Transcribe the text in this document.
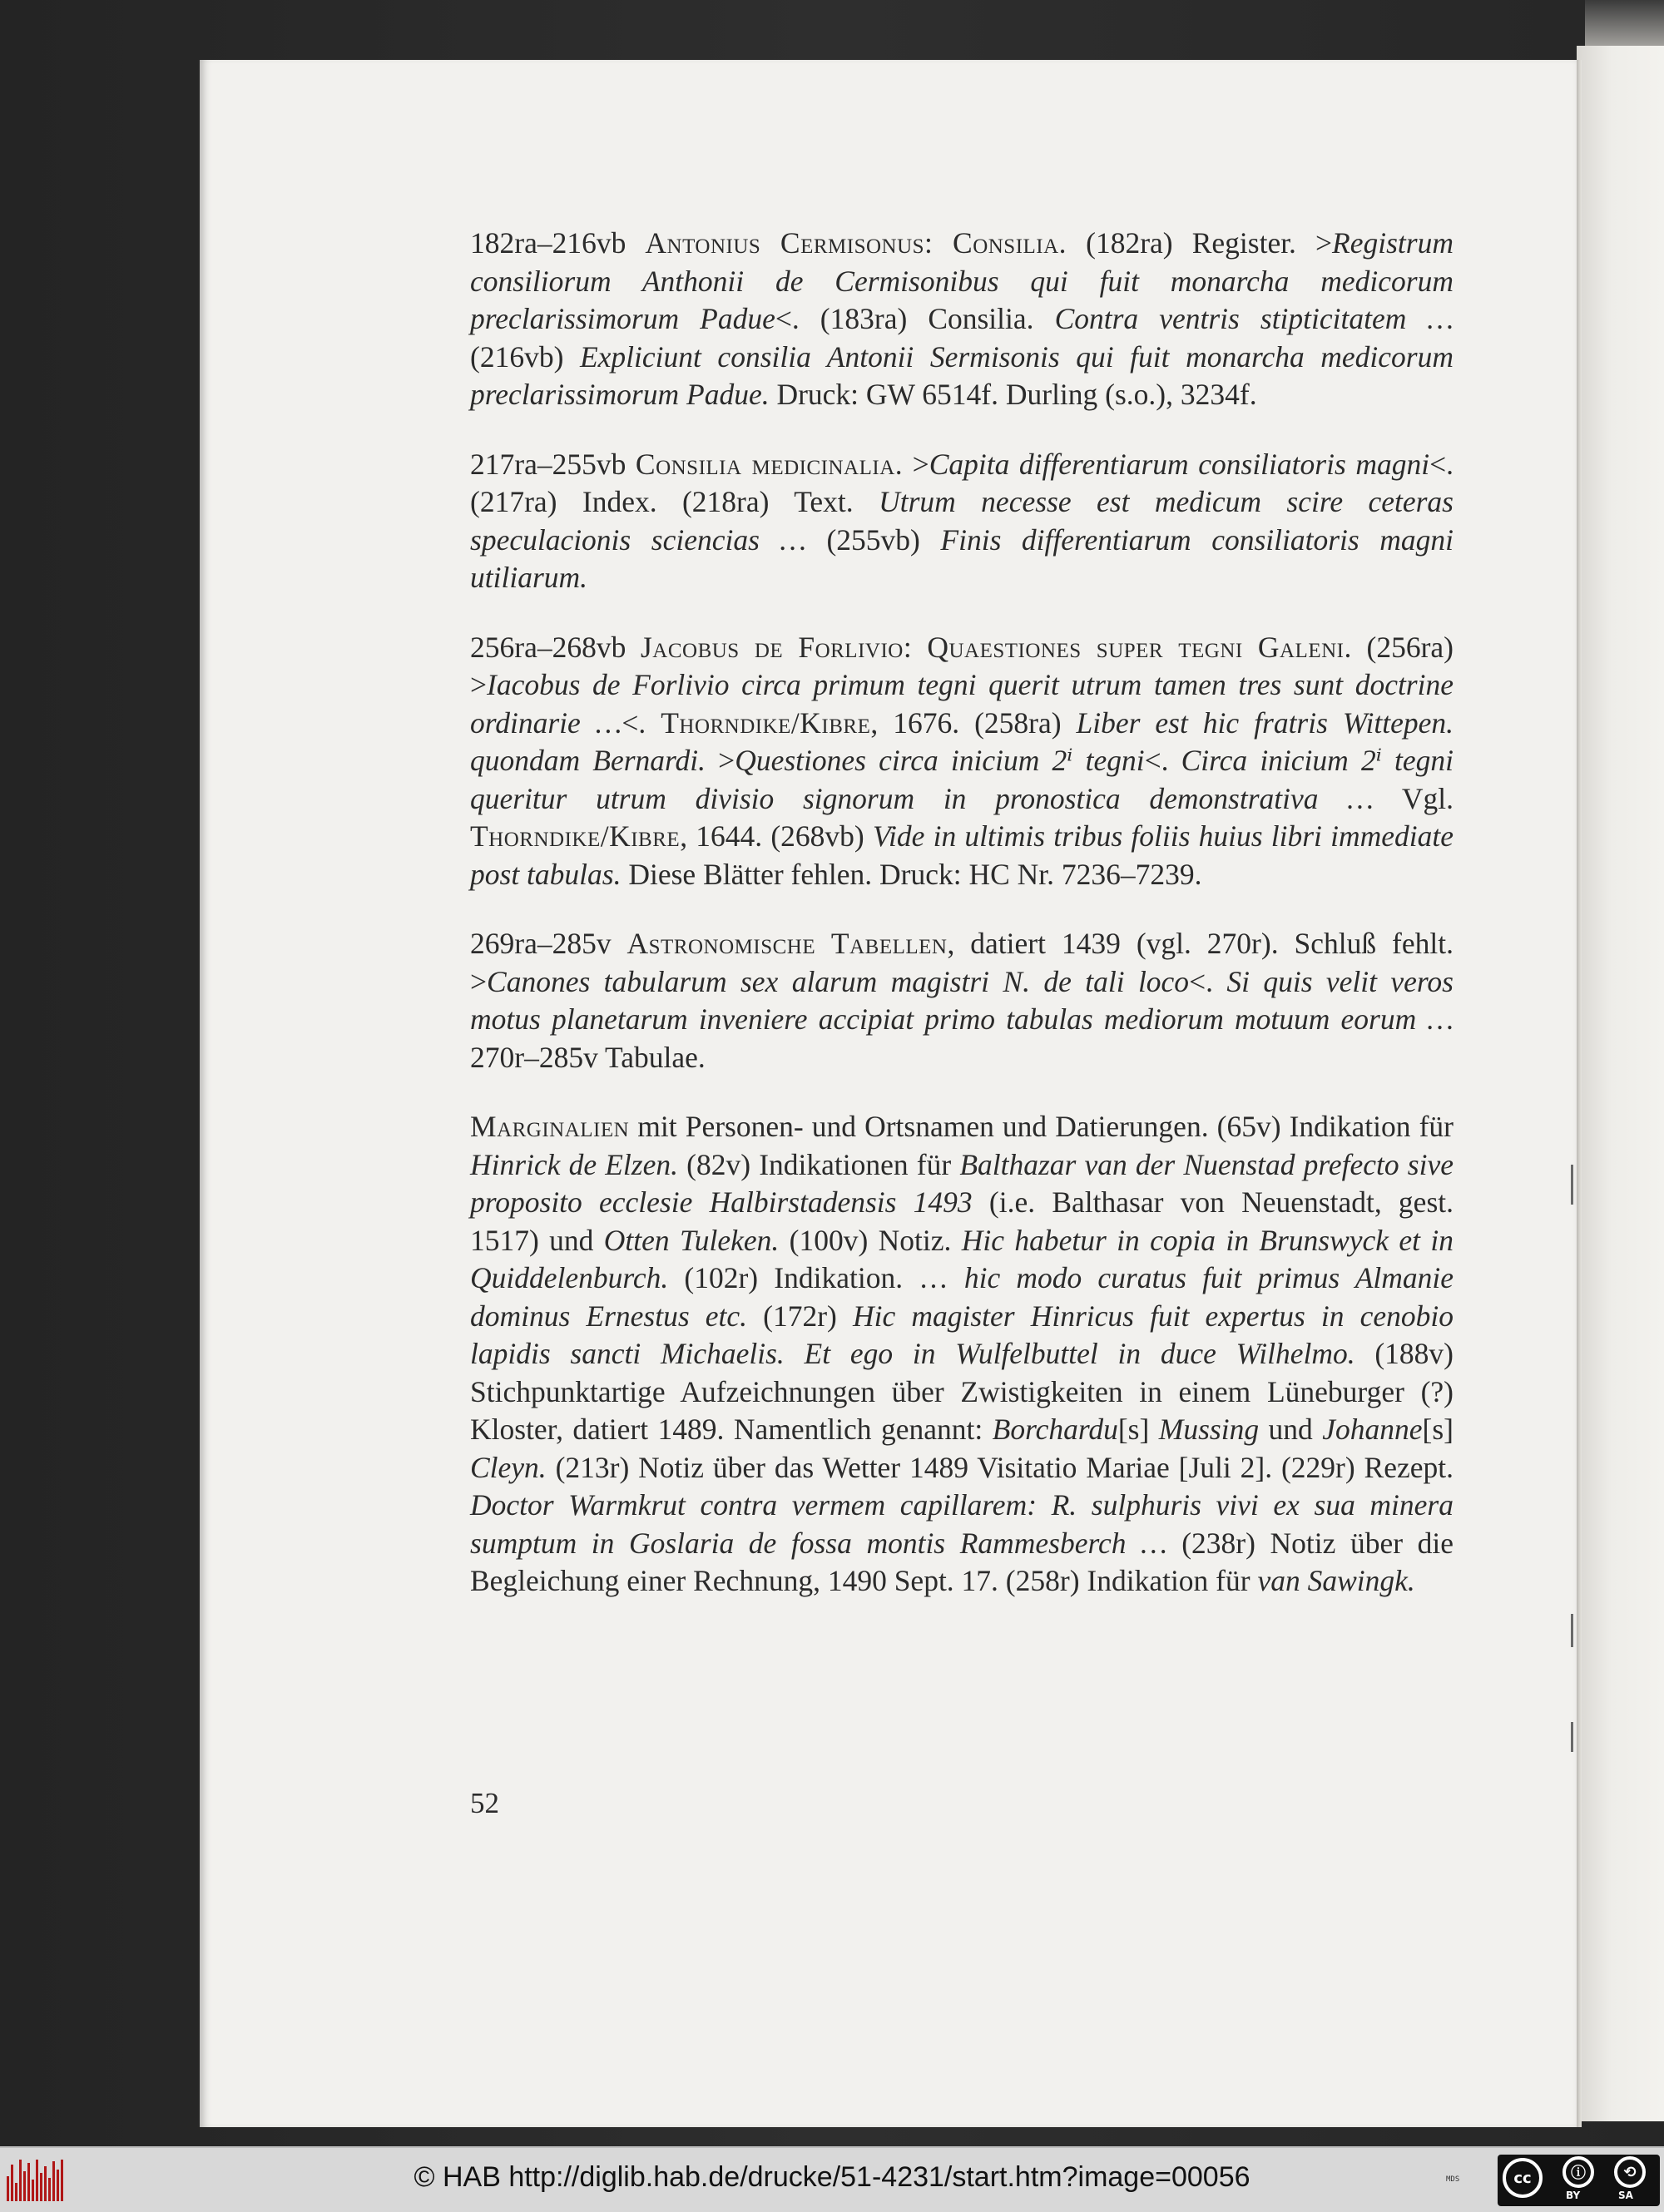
182ra–216vb Antonius Cermisonus: Consilia. (182ra) Register. >Registrum consiliorum Anthonii de Cermisonibus qui fuit monarcha medicorum preclarissimorum Padue<. (183ra) Consilia. Contra ventris stipticitatem … (216vb) Expliciunt consilia Antonii Sermisonis qui fuit monarcha medicorum preclarissimorum Padue. Druck: GW 6514f. Durling (s.o.), 3234f.

217ra–255vb Consilia medicinalia. >Capita differentiarum consiliatoris magni<. (217ra) Index. (218ra) Text. Utrum necesse est medicum scire ceteras speculacionis sciencias … (255vb) Finis differentiarum consiliatoris magni utiliarum.

256ra–268vb Jacobus de Forlivio: Quaestiones super tegni Galeni. (256ra) >Iacobus de Forlivio circa primum tegni querit utrum tamen tres sunt doctrine ordinarie …<. Thorndike/Kibre, 1676. (258ra) Liber est hic fratris Wittepen. quondam Bernardi. >Questiones circa inicium 2ⁱ tegni<. Circa inicium 2ⁱ tegni queritur utrum divisio signorum in pronostica demonstrativa … Vgl. Thorndike/Kibre, 1644. (268vb) Vide in ultimis tribus foliis huius libri immediate post tabulas. Diese Blätter fehlen. Druck: HC Nr. 7236–7239.

269ra–285v Astronomische Tabellen, datiert 1439 (vgl. 270r). Schluß fehlt. >Canones tabularum sex alarum magistri N. de tali loco<. Si quis velit veros motus planetarum inveniere accipiat primo tabulas mediorum motuum eorum … 270r–285v Tabulae.

Marginalien mit Personen- und Ortsnamen und Datierungen. (65v) Indikation für Hinrick de Elzen. (82v) Indikationen für Balthazar van der Nuenstad prefecto sive proposito ecclesie Halbirstadensis 1493 (i.e. Balthasar von Neuenstadt, gest. 1517) und Otten Tuleken. (100v) Notiz. Hic habetur in copia in Brunswyck et in Quiddelenburch. (102r) Indikation. … hic modo curatus fuit primus Almanie dominus Ernestus etc. (172r) Hic magister Hinricus fuit expertus in cenobio lapidis sancti Michaelis. Et ego in Wulfelbuttel in duce Wilhelmo. (188v) Stichpunktartige Aufzeichnungen über Zwistigkeiten in einem Lüneburger (?) Kloster, datiert 1489. Namentlich genannt: Borchardu[s] Mussing und Johanne[s] Cleyn. (213r) Notiz über das Wetter 1489 Visitatio Mariae [Juli 2]. (229r) Rezept. Doctor Warmkrut contra vermem capillarem: R. sulphuris vivi ex sua minera sumptum in Goslaria de fossa montis Rammesberch … (238r) Notiz über die Begleichung einer Rechnung, 1490 Sept. 17. (258r) Indikation für van Sawingk.

52
© HAB http://diglib.hab.de/drucke/51-4231/start.htm?image=00056	MDS	cc	ⓘ	⟲
BY	SA
